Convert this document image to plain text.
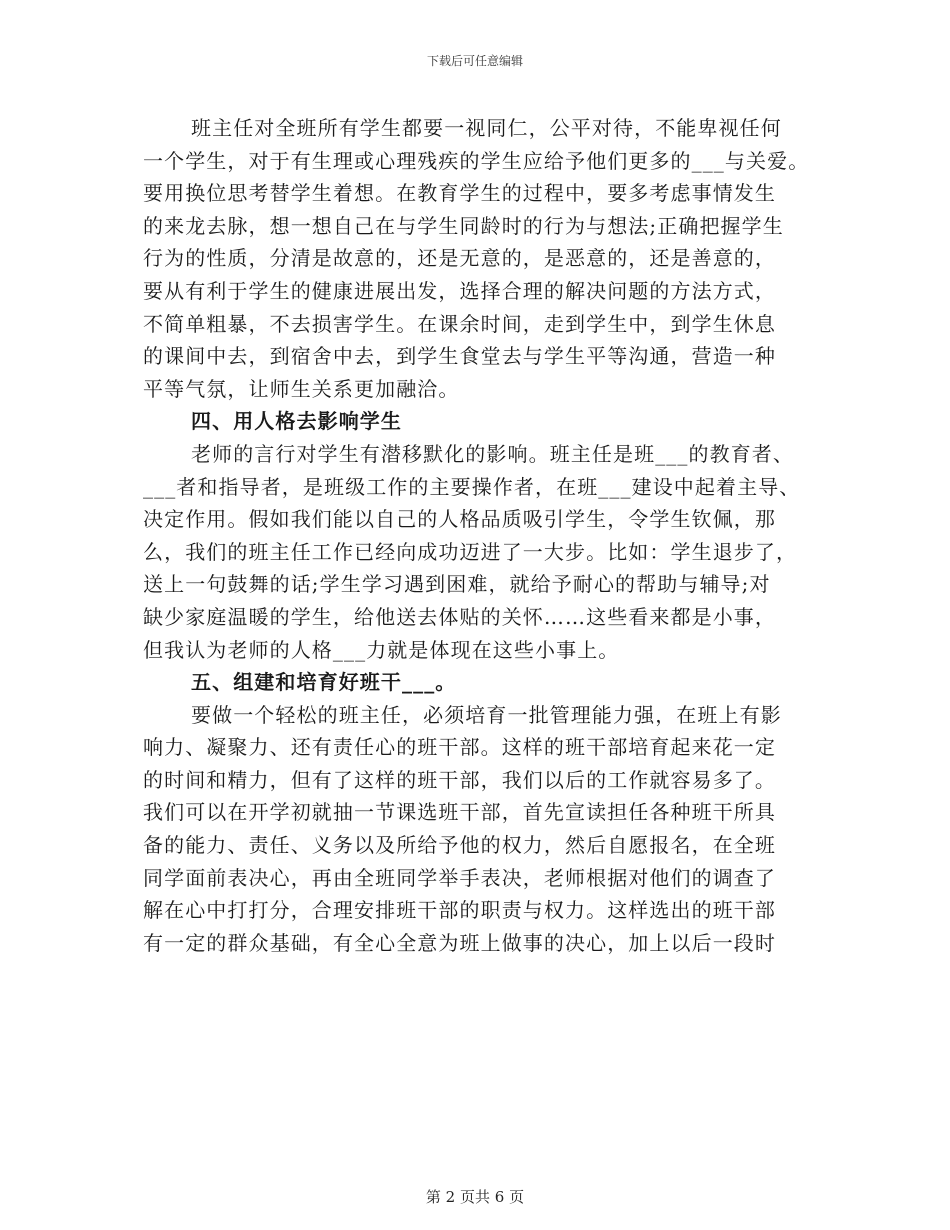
下载后可任意编辑
班主任对全班所有学生都要一视同仁，公平对待，不能卑视任何
一个学生，对于有生理或心理残疾的学生应给予他们更多的___与关爱。
要用换位思考替学生着想。在教育学生的过程中，要多考虑事情发生
的来龙去脉，想一想自己在与学生同龄时的行为与想法;正确把握学生
行为的性质，分清是故意的，还是无意的，是恶意的，还是善意的，
要从有利于学生的健康进展出发，选择合理的解决问题的方法方式，
不简单粗暴，不去损害学生。在课余时间，走到学生中，到学生休息
的课间中去，到宿舍中去，到学生食堂去与学生平等沟通，营造一种
平等气氛，让师生关系更加融洽。
四、用人格去影响学生
老师的言行对学生有潜移默化的影响。班主任是班___的教育者、
___者和指导者，是班级工作的主要操作者，在班___建设中起着主导、
决定作用。假如我们能以自己的人格品质吸引学生，令学生钦佩，那
么，我们的班主任工作已经向成功迈进了一大步。比如：学生退步了，
送上一句鼓舞的话;学生学习遇到困难，就给予耐心的帮助与辅导;对
缺少家庭温暖的学生，给他送去体贴的关怀……这些看来都是小事，
但我认为老师的人格___力就是体现在这些小事上。
五、组建和培育好班干___。
要做一个轻松的班主任，必须培育一批管理能力强，在班上有影
响力、凝聚力、还有责任心的班干部。这样的班干部培育起来花一定
的时间和精力，但有了这样的班干部，我们以后的工作就容易多了。
我们可以在开学初就抽一节课选班干部，首先宣读担任各种班干所具
备的能力、责任、义务以及所给予他的权力，然后自愿报名，在全班
同学面前表决心，再由全班同学举手表决，老师根据对他们的调查了
解在心中打打分，合理安排班干部的职责与权力。这样选出的班干部
有一定的群众基础，有全心全意为班上做事的决心，加上以后一段时
第 2 页共 6 页
